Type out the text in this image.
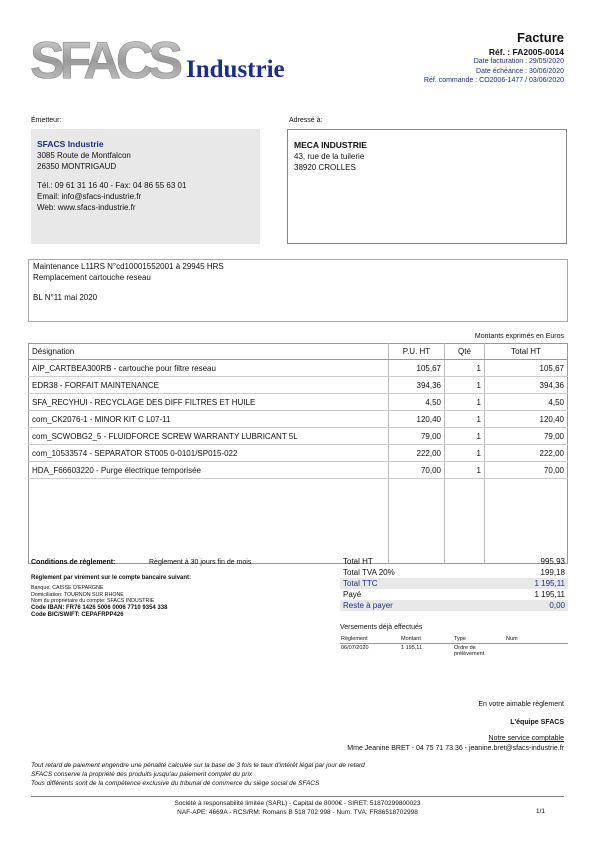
SFACS Industrie
Facture
Réf. : FA2005-0014
Date facturation : 29/05/2020
Date échéance : 30/06/2020
Réf. commande : CO2006-1477 / 03/06/2020
Émetteur:
SFACS Industrie
3085 Route de Montfalcon
26350 MONTRIGAUD
Tél.: 09 61 31 16 40 - Fax: 04 86 55 63 01
Email: info@sfacs-industrie.fr
Web: www.sfacs-industrie.fr
Adressé à:
MECA INDUSTRIE
43, rue de la tuilerie
38920 CROLLES
Maintenance L11RS N°cd10001552001 à 29945 HRS
Remplacement cartouche reseau
BL N°11 mai 2020
Montants exprimés en Euros
Désignation	P.U. HT	Qté	Total HT
AIP_CARTBEA300RB - cartouche pour filtre reseau	105,67	1	105,67
EDR38 - FORFAIT MAINTENANCE	394,36	1	394,36
SFA_RECYHUI - RECYCLAGE DES DIFF FILTRES ET HUILE	4,50	1	4,50
com_CK2076-1 - MINOR KIT C L07-11	120,40	1	120,40
com_SCWOBG2_5 - FLUIDFORCE SCREW WARRANTY LUBRICANT 5L	79,00	1	79,00
com_10533574 - SEPARATOR ST005 0-0101/SP015-022	222,00	1	222,00
HDA_F66603220 - Purge électrique temporisée	70,00	1	70,00

Conditions de règlement:	Règlement à 30 jours fin de mois
Règlement par virement sur le compte bancaire suivant:
Banque: CAISSE D'EPARGNE
Domiciliation: TOURNON SUR RHONE
Nom du propriétaire du compte: SFACS INDUSTRIE
Code IBAN: FR76 1426 5006 0006 7710 9354 338
Code BIC/SWIFT: CEPAFRPP426
Total HT	995,93
Total TVA 20%	199,18
Total TTC	1 195,11
Payé	1 195,11
Reste à payer	0,00
Versements déjà effectués
Règlement	Montant	Type	Num
06/07/2020	1 195,11	Ordre de prélèvement	
En votre aimable règlement
L'équipe SFACS
Notre service comptable
Mme Jeanine BRET - 04 75 71 73 36 - jeanine.bret@sfacs-industrie.fr
Tout retard de paiement engendre une pénalité calculée sur la base de 3 fois le taux d'intérêt légal par jour de retard
SFACS conserve la propriété des produits jusqu'au paiement complet du prix
Tous différents sont de la compétence exclusive du tribunal de commerce du siège social de SFACS
Société à responsabilité limitée (SARL) - Capital de 8000€ - SIRET: 51870299800023
NAF-APE: 4669A - RCS/RM: Romans B 518 702 998 - Num. TVA: FR86518702998	1/1
